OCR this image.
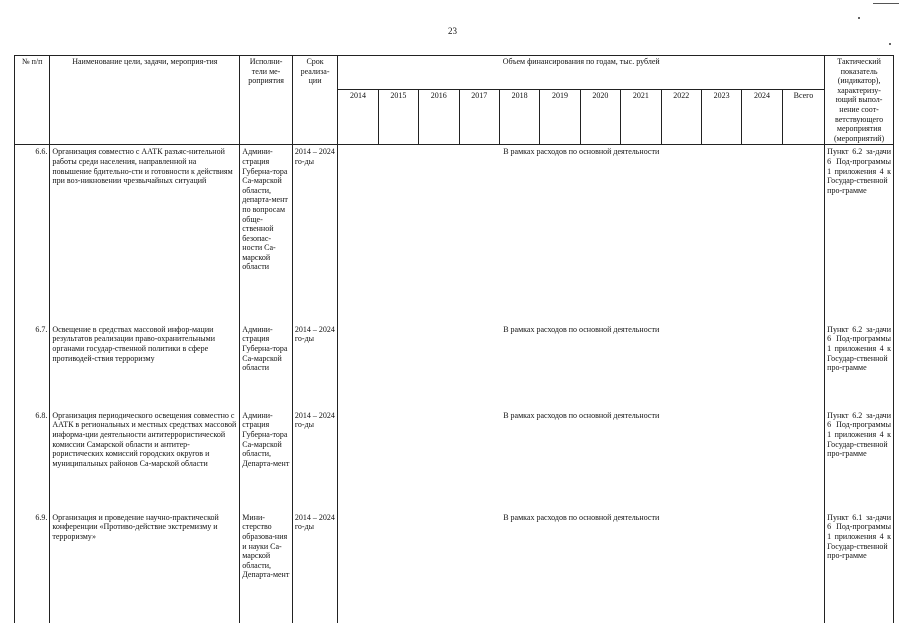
23
№ п/п	Наименование цели, задачи, мероприя-тия	Исполни-тели ме-роприятия	Срок реализа-ции	Объем финансирования по годам, тыс. рублей												Тактический показатель (индикатор), характеризу-ющий выпол-нение соот-ветствующего мероприятия (мероприятий)
				2014	2015	2016	2017	2018	2019	2020	2021	2022	2023	2024	Всего	
6.6.	Организация совместно с ААТК разъяс-нительной работы среди населения, направленной на повышение бдительно-сти и готовности к действиям при воз-никновении чрезвычайных ситуаций	Админи-страция Губерна-тора Са-марской области, департа-мент по вопросам обще-ственной безопас-ности Са-марской области	2014 – 2024 го-ды	В рамках расходов по основной деятельности												Пункт 6.2 за-дачи 6 Под-программы 1 приложения 4 к Государ-ственной про-грамме
6.7.	Освещение в средствах массовой инфор-мации результатов реализации право-охранительными органами государ-ственной политики в сфере противодей-ствия терроризму	Админи-страция Губерна-тора Са-марской области	2014 – 2024 го-ды	В рамках расходов по основной деятельности												Пункт 6.2 за-дачи 6 Под-программы 1 приложения 4 к Государ-ственной про-грамме
6.8.	Организация периодического освещения совместно с ААТК в региональных и местных средствах массовой информа-ции деятельности антитеррористической комиссии Самарской области и антитер-рористических комиссий городских округов и муниципальных районов Са-марской области	Админи-страция Губерна-тора Са-марской области, Департа-мент	2014 – 2024 го-ды	В рамках расходов по основной деятельности												Пункт 6.2 за-дачи 6 Под-программы 1 приложения 4 к Государ-ственной про-грамме
6.9.	Организация и проведение научно-практической конференции «Противо-действие экстремизму и терроризму»	Мини-стерство образова-ния и науки Са-марской области, Департа-мент	2014 – 2024 го-ды	В рамках расходов по основной деятельности												Пункт 6.1 за-дачи 6 Под-программы 1 приложения 4 к Государ-ственной про-грамме
